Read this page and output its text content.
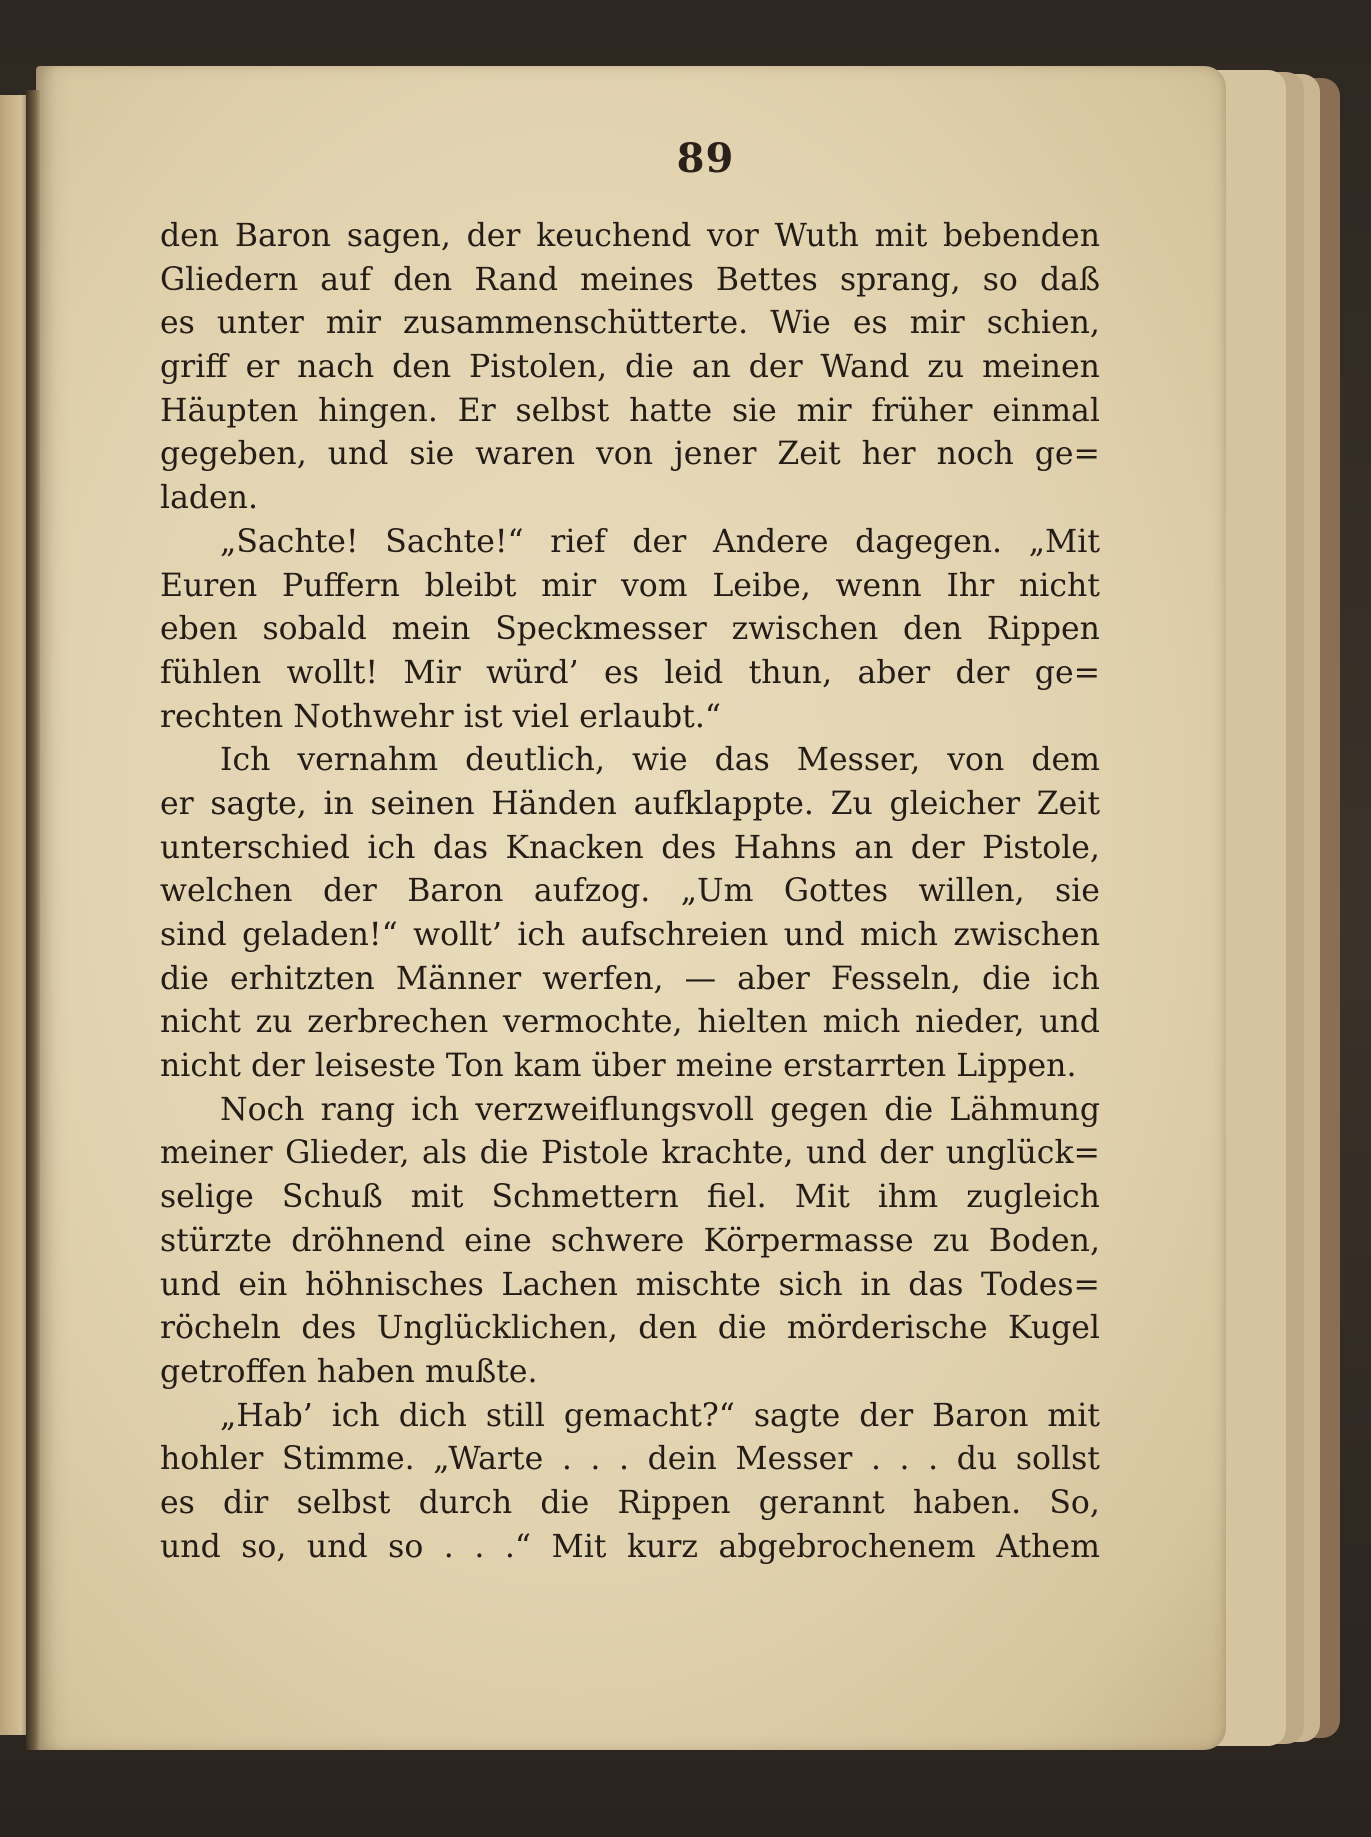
89
den Baron sagen, der keuchend vor Wuth mit bebenden
Gliedern auf den Rand meines Bettes sprang, so daß
es unter mir zusammenschütterte. Wie es mir schien,
griff er nach den Pistolen, die an der Wand zu meinen
Häupten hingen. Er selbst hatte sie mir früher einmal
gegeben, und sie waren von jener Zeit her noch ge=
laden.
„Sachte! Sachte!“ rief der Andere dagegen. „Mit
Euren Puffern bleibt mir vom Leibe, wenn Ihr nicht
eben sobald mein Speckmesser zwischen den Rippen
fühlen wollt! Mir würd’ es leid thun, aber der ge=
rechten Nothwehr ist viel erlaubt.“
Ich vernahm deutlich, wie das Messer, von dem
er sagte, in seinen Händen aufklappte. Zu gleicher Zeit
unterschied ich das Knacken des Hahns an der Pistole,
welchen der Baron aufzog. „Um Gottes willen, sie
sind geladen!“ wollt’ ich aufschreien und mich zwischen
die erhitzten Männer werfen, — aber Fesseln, die ich
nicht zu zerbrechen vermochte, hielten mich nieder, und
nicht der leiseste Ton kam über meine erstarrten Lippen.
Noch rang ich verzweiflungsvoll gegen die Lähmung
meiner Glieder, als die Pistole krachte, und der unglück=
selige Schuß mit Schmettern fiel. Mit ihm zugleich
stürzte dröhnend eine schwere Körpermasse zu Boden,
und ein höhnisches Lachen mischte sich in das Todes=
röcheln des Unglücklichen, den die mörderische Kugel
getroffen haben mußte.
„Hab’ ich dich still gemacht?“ sagte der Baron mit
hohler Stimme. „Warte . . . dein Messer . . . du sollst
es dir selbst durch die Rippen gerannt haben. So,
und so, und so . . .“ Mit kurz abgebrochenem Athem
